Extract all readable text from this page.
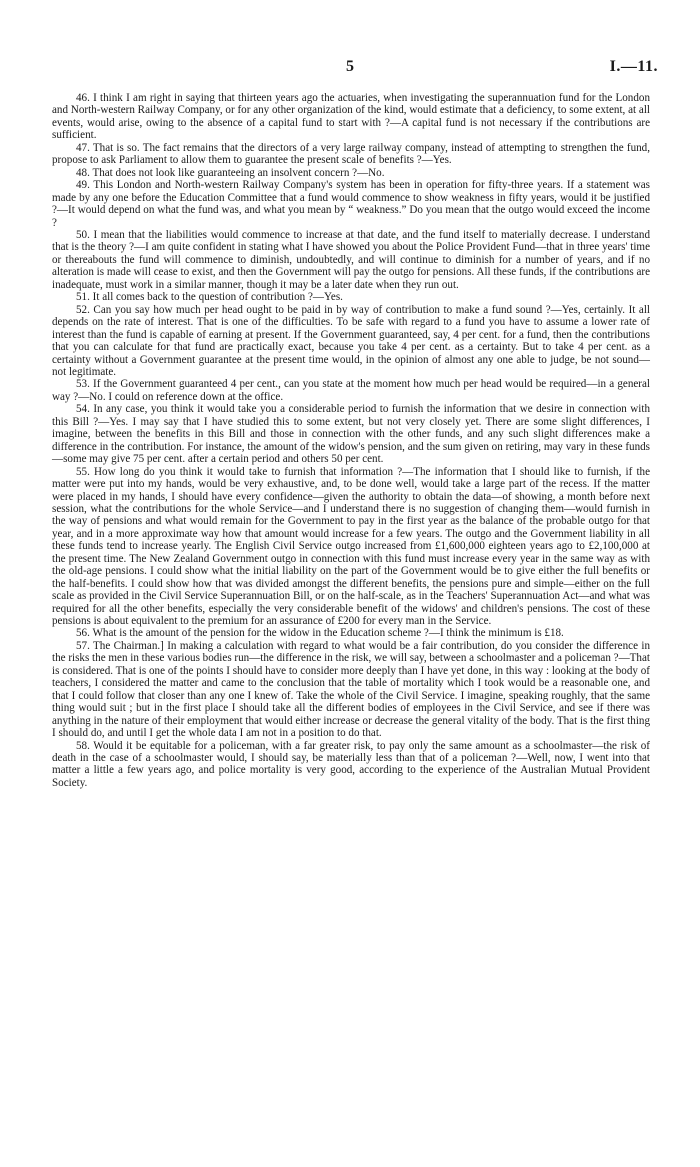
5	I.—11.

46. I think I am right in saying that thirteen years ago the actuaries, when investigating the superannuation fund for the London and North-western Railway Company, or for any other organization of the kind, would estimate that a deficiency, to some extent, at all events, would arise, owing to the absence of a capital fund to start with ?—A capital fund is not necessary if the contributions are sufficient.

47. That is so. The fact remains that the directors of a very large railway company, instead of attempting to strengthen the fund, propose to ask Parliament to allow them to guarantee the present scale of benefits ?—Yes.

48. That does not look like guaranteeing an insolvent concern ?—No.

49. This London and North-western Railway Company's system has been in operation for fifty-three years. If a statement was made by any one before the Education Committee that a fund would commence to show weakness in fifty years, would it be justified ?—It would depend on what the fund was, and what you mean by “ weakness.” Do you mean that the outgo would exceed the income ?

50. I mean that the liabilities would commence to increase at that date, and the fund itself to materially decrease. I understand that is the theory ?—I am quite confident in stating what I have showed you about the Police Provident Fund—that in three years' time or thereabouts the fund will commence to diminish, undoubtedly, and will continue to diminish for a number of years, and if no alteration is made will cease to exist, and then the Government will pay the outgo for pensions. All these funds, if the contributions are inadequate, must work in a similar manner, though it may be a later date when they run out.

51. It all comes back to the question of contribution ?—Yes.

52. Can you say how much per head ought to be paid in by way of contribution to make a fund sound ?—Yes, certainly. It all depends on the rate of interest. That is one of the difficulties. To be safe with regard to a fund you have to assume a lower rate of interest than the fund is capable of earning at present. If the Government guaranteed, say, 4 per cent. for a fund, then the contributions that you can calculate for that fund are practically exact, because you take 4 per cent. as a certainty. But to take 4 per cent. as a certainty without a Government guarantee at the present time would, in the opinion of almost any one able to judge, be not sound—not legitimate.

53. If the Government guaranteed 4 per cent., can you state at the moment how much per head would be required—in a general way ?—No. I could on reference down at the office.

54. In any case, you think it would take you a considerable period to furnish the information that we desire in connection with this Bill ?—Yes. I may say that I have studied this to some extent, but not very closely yet. There are some slight differences, I imagine, between the benefits in this Bill and those in connection with the other funds, and any such slight differences make a difference in the contribution. For instance, the amount of the widow's pension, and the sum given on retiring, may vary in these funds—some may give 75 per cent. after a certain period and others 50 per cent.

55. How long do you think it would take to furnish that information ?—The information that I should like to furnish, if the matter were put into my hands, would be very exhaustive, and, to be done well, would take a large part of the recess. If the matter were placed in my hands, I should have every confidence—given the authority to obtain the data—of showing, a month before next session, what the contributions for the whole Service—and I understand there is no suggestion of changing them—would furnish in the way of pensions and what would remain for the Government to pay in the first year as the balance of the probable outgo for that year, and in a more approximate way how that amount would increase for a few years. The outgo and the Government liability in all these funds tend to increase yearly. The English Civil Service outgo increased from £1,600,000 eighteen years ago to £2,100,000 at the present time. The New Zealand Government outgo in connection with this fund must increase every year in the same way as with the old-age pensions. I could show what the initial liability on the part of the Government would be to give either the full benefits or the half-benefits. I could show how that was divided amongst the different benefits, the pensions pure and simple—either on the full scale as provided in the Civil Service Superannuation Bill, or on the half-scale, as in the Teachers' Superannuation Act—and what was required for all the other benefits, especially the very considerable benefit of the widows' and children's pensions. The cost of these pensions is about equivalent to the premium for an assurance of £200 for every man in the Service.

56. What is the amount of the pension for the widow in the Education scheme ?—I think the minimum is £18.

57. The Chairman.] In making a calculation with regard to what would be a fair contribution, do you consider the difference in the risks the men in these various bodies run—the difference in the risk, we will say, between a schoolmaster and a policeman ?—That is considered. That is one of the points I should have to consider more deeply than I have yet done, in this way : looking at the body of teachers, I considered the matter and came to the conclusion that the table of mortality which I took would be a reasonable one, and that I could follow that closer than any one I knew of. Take the whole of the Civil Service. I imagine, speaking roughly, that the same thing would suit ; but in the first place I should take all the different bodies of employees in the Civil Service, and see if there was anything in the nature of their employment that would either increase or decrease the general vitality of the body. That is the first thing I should do, and until I get the whole data I am not in a position to do that.

58. Would it be equitable for a policeman, with a far greater risk, to pay only the same amount as a schoolmaster—the risk of death in the case of a schoolmaster would, I should say, be materially less than that of a policeman ?—Well, now, I went into that matter a little a few years ago, and police mortality is very good, according to the experience of the Australian Mutual Provident Society.
